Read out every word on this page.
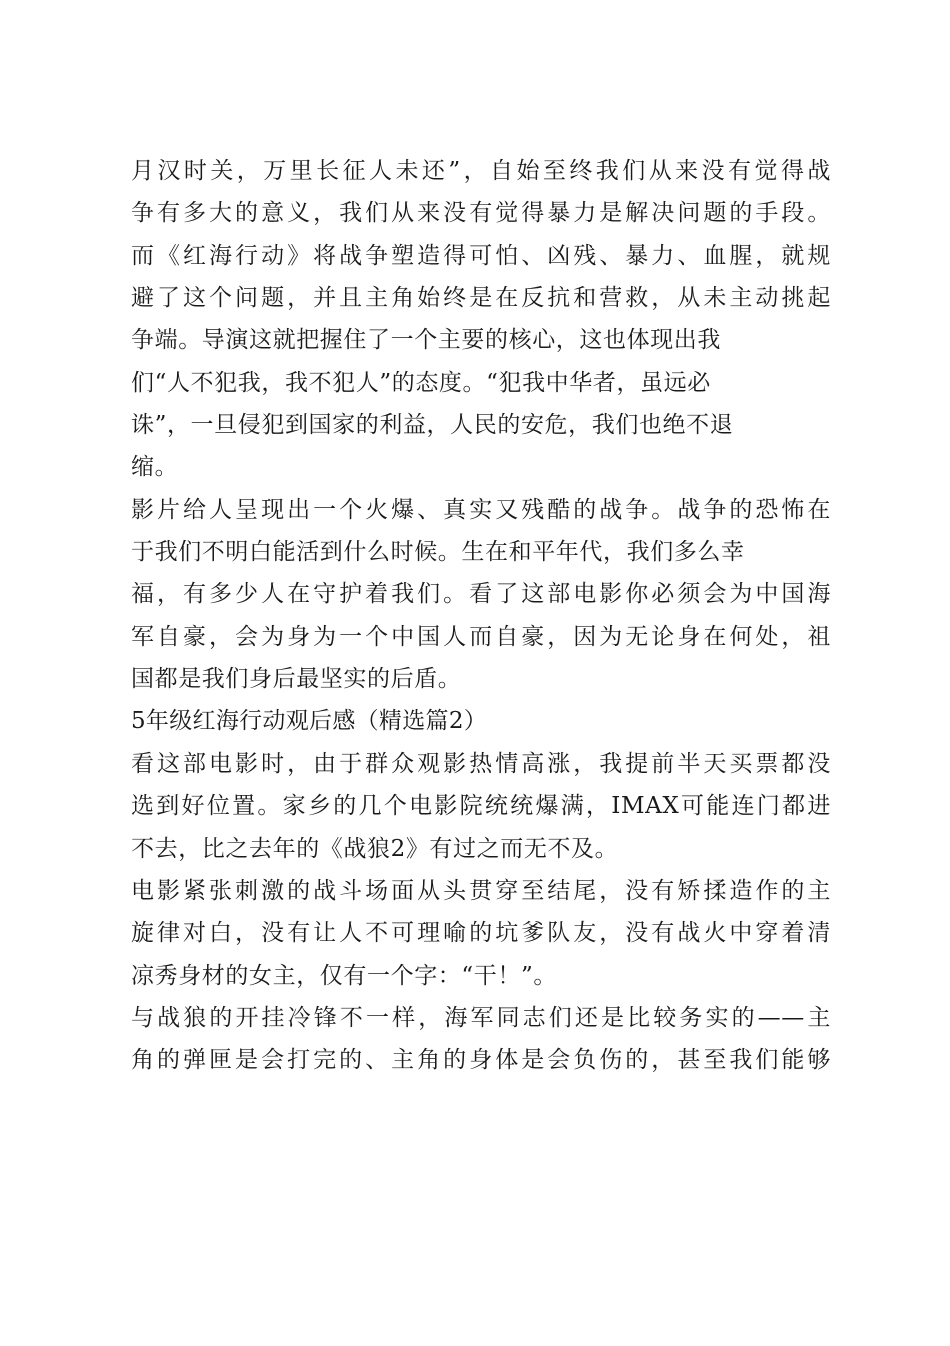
月汉时关，万里长征人未还”，自始至终我们从来没有觉得战
争有多大的意义，我们从来没有觉得暴力是解决问题的手段。
而《红海行动》将战争塑造得可怕、凶残、暴力、血腥，就规
避了这个问题，并且主角始终是在反抗和营救，从未主动挑起
争端。导演这就把握住了一个主要的核心，这也体现出我
们“人不犯我，我不犯人”的态度。“犯我中华者，虽远必
诛”，一旦侵犯到国家的利益，人民的安危，我们也绝不退
缩。
影片给人呈现出一个火爆、真实又残酷的战争。战争的恐怖在
于我们不明白能活到什么时候。生在和平年代，我们多么幸
福，有多少人在守护着我们。看了这部电影你必须会为中国海
军自豪，会为身为一个中国人而自豪，因为无论身在何处，祖
国都是我们身后最坚实的后盾。
5年级红海行动观后感（精选篇2）
看这部电影时，由于群众观影热情高涨，我提前半天买票都没
选到好位置。家乡的几个电影院统统爆满，IMAX可能连门都进
不去，比之去年的《战狼2》有过之而无不及。
电影紧张刺激的战斗场面从头贯穿至结尾，没有矫揉造作的主
旋律对白，没有让人不可理喻的坑爹队友，没有战火中穿着清
凉秀身材的女主，仅有一个字：“干！”。
与战狼的开挂冷锋不一样，海军同志们还是比较务实的——主
角的弹匣是会打完的、主角的身体是会负伤的，甚至我们能够
